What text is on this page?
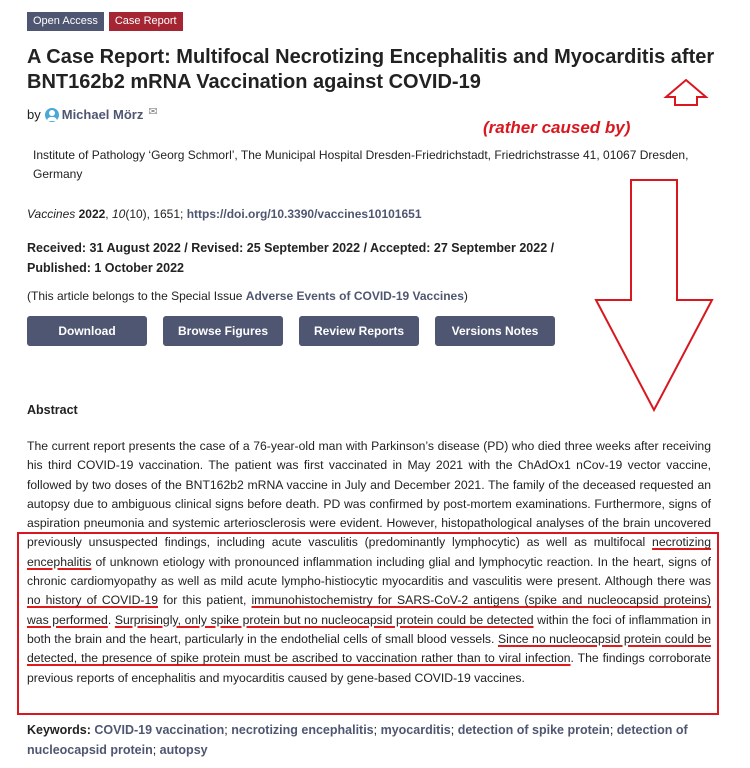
Open Access	Case Report
A Case Report: Multifocal Necrotizing Encephalitis and Myocarditis after BNT162b2 mRNA Vaccination against COVID-19
by Michael Mörz ✉
Institute of Pathology ‘Georg Schmorl’, The Municipal Hospital Dresden-Friedrichstadt, Friedrichstrasse 41, 01067 Dresden, Germany
Vaccines 2022, 10(10), 1651; https://doi.org/10.3390/vaccines10101651
Received: 31 August 2022 / Revised: 25 September 2022 / Accepted: 27 September 2022 / Published: 1 October 2022
(This article belongs to the Special Issue Adverse Events of COVID-19 Vaccines)
Download	Browse Figures	Review Reports	Versions Notes
Abstract

The current report presents the case of a 76-year-old man with Parkinson’s disease (PD) who died three weeks after receiving his third COVID-19 vaccination. The patient was first vaccinated in May 2021 with the ChAdOx1 nCov-19 vector vaccine, followed by two doses of the BNT162b2 mRNA vaccine in July and December 2021. The family of the deceased requested an autopsy due to ambiguous clinical signs before death. PD was confirmed by post-mortem examinations. Furthermore, signs of aspiration pneumonia and systemic arteriosclerosis were evident. However, histopathological analyses of the brain uncovered previously unsuspected findings, including acute vasculitis (predominantly lymphocytic) as well as multifocal necrotizing encephalitis of unknown etiology with pronounced inflammation including glial and lymphocytic reaction. In the heart, signs of chronic cardiomyopathy as well as mild acute lympho-histiocytic myocarditis and vasculitis were present. Although there was no history of COVID-19 for this patient, immunohistochemistry for SARS-CoV-2 antigens (spike and nucleocapsid proteins) was performed. Surprisingly, only spike protein but no nucleocapsid protein could be detected within the foci of inflammation in both the brain and the heart, particularly in the endothelial cells of small blood vessels. Since no nucleocapsid protein could be detected, the presence of spike protein must be ascribed to vaccination rather than to viral infection. The findings corroborate previous reports of encephalitis and myocarditis caused by gene-based COVID-19 vaccines.

Keywords: COVID-19 vaccination; necrotizing encephalitis; myocarditis; detection of spike protein; detection of nucleocapsid protein; autopsy
(rather caused by)
